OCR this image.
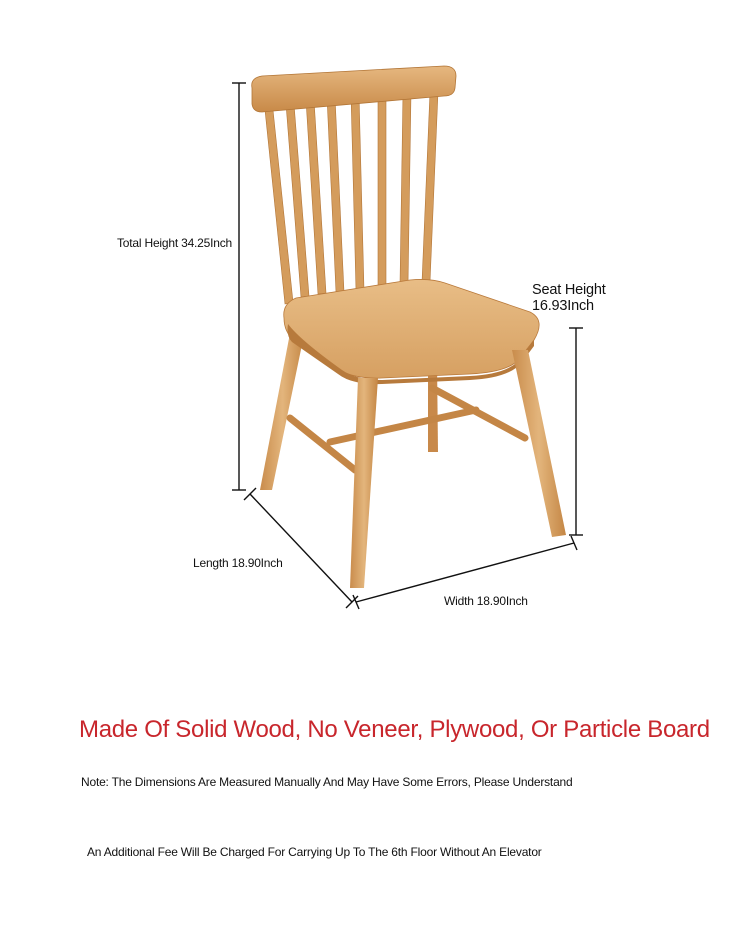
Total Height 34.25Inch
Seat Height
16.93Inch
Length 18.90Inch
Width 18.90Inch
Made Of Solid Wood, No Veneer, Plywood, Or Particle Board
Note: The Dimensions Are Measured Manually And May Have Some Errors, Please Understand
An Additional Fee Will Be Charged For Carrying Up To The 6th Floor Without An Elevator
